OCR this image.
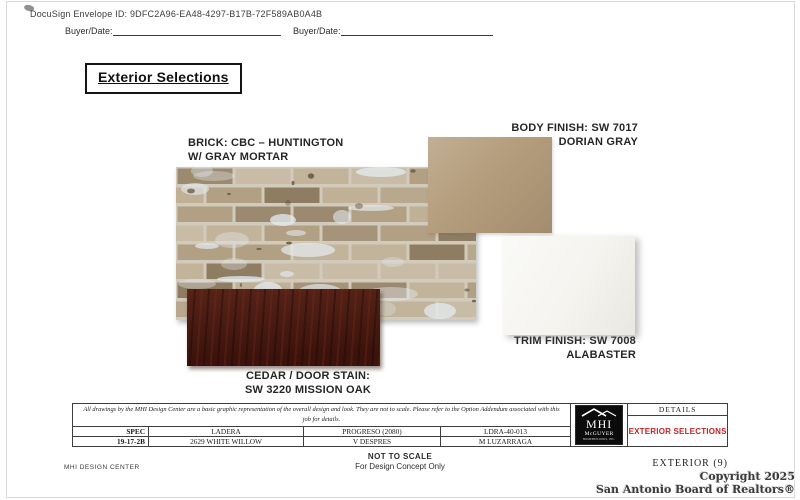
DocuSign Envelope ID: 9DFC2A96-EA48-4297-B17B-72F589AB0A4B
Buyer/Date:	Buyer/Date:
Exterior Selections
BRICK: CBC – HUNTINGTON
W/ GRAY MORTAR
BODY FINISH: SW 7017
DORIAN GRAY
TRIM FINISH: SW 7008
ALABASTER
CEDAR / DOOR STAIN:
SW 3220 MISSION OAK
All drawings by the MHI Design Center are a basic graphic representation of the overall design and look. They are not to scale. Please refer to the Option Addendum associated with this job for details.
SPEC	LADERA	PROGRESO (2080)	LDRA-40-013
19-17-2B	2629 WHITE WILLOW	V DESPRES	M LUZARRAGA
MHI
McGUYER
HOMEBUILDERS, INC.
DETAILS
EXTERIOR SELECTIONS
MHI DESIGN CENTER
NOT TO SCALE
For Design Concept Only	EXTERIOR (9)
Copyright 2025
San Antonio Board of Realtors®
